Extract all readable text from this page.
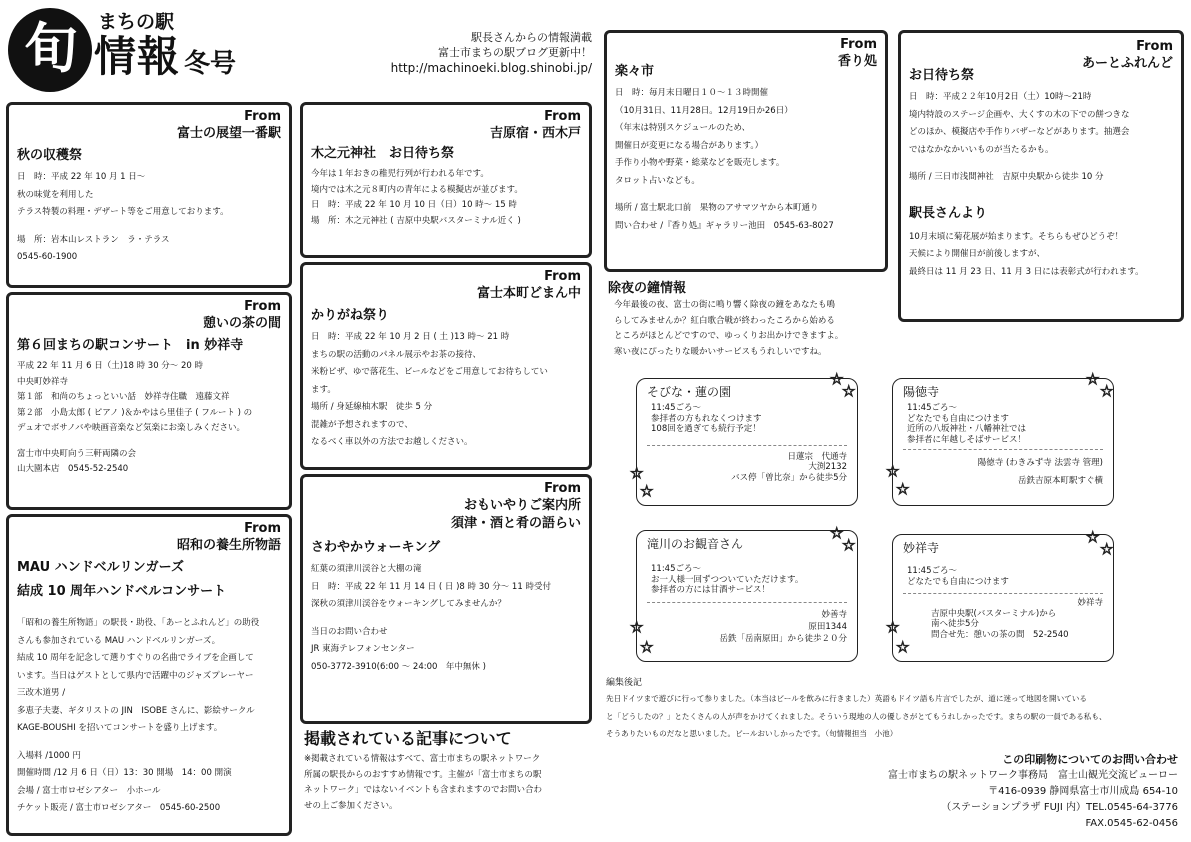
旬	まちの駅
情報 冬号
駅長さんからの情報満載
富士市まちの駅ブログ更新中！
http://machinoeki.blog.shinobi.jp/
From
富士の展望一番駅
秋の収穫祭
日　時：平成 22 年 10 月 1 日～
秋の味覚を利用した
テラス特製の料理・デザート等をご用意しております。
場　所：岩本山レストラン　ラ・テラス
0545-60-1900
From
憩いの茶の間
第６回まちの駅コンサート　in 妙祥寺
平成 22 年 11 月 6 日（土)18 時 30 分～ 20 時
中央町妙祥寺
第１部　和尚のちょっといい話　妙祥寺住職　遠藤文祥
第２部　小島太郎 ( ピアノ )＆かやはら里佳子 ( フルート ) の
デュオでボサノバや映画音楽など気楽にお楽しみください。
富士市中央町向う三軒両隣の会
山大園本店　0545-52-2540
From
昭和の養生所物語
MAU ハンドベルリンガーズ
結成 10 周年ハンドベルコンサート
「昭和の養生所物語」の駅長・助役、「あーとふれんど」の助役
さんも参加されている MAU ハンドベルリンガーズ。
結成 10 周年を記念して選りすぐりの名曲でライブを企画して
います。当日はゲストとして県内で活躍中のジャズプレーヤー
三改木道男 /
多恵子夫妻、ギタリストの JIN　ISOBE さんに、影絵サークル
KAGE-BOUSHI を招いてコンサートを盛り上げます。
入場料 /1000 円
開催時間 /12 月 6 日（日）13：30 開場　14：00 開演
会場 / 富士市ロゼシアター　小ホール
チケット販売 / 富士市ロゼシアター　0545-60-2500
From
吉原宿・西木戸
木之元神社　お日待ち祭
今年は１年おきの稚児行列が行われる年です。
境内では木之元８町内の青年による模擬店が並びます。
日　時：平成 22 年 10 月 10 日（日）10 時～ 15 時
場　所：木之元神社 ( 吉原中央駅バスターミナル近く )
From
富士本町どまん中
かりがね祭り
日　時：平成 22 年 10 月 2 日 ( 土 )13 時～ 21 時
まちの駅の活動のパネル展示やお茶の接待、
米粉ピザ、ゆで落花生、ビールなどをご用意してお待ちしてい
ます。
場所 / 身延線柚木駅　徒歩 5 分
混雑が予想されますので、
なるべく車以外の方法でお越しください。
From
おもいやりご案内所
須津・酒と肴の語らい
さわやかウォーキング
紅葉の須津川渓谷と大棚の滝
日　時：平成 22 年 11 月 14 日 ( 日 )8 時 30 分～ 11 時受付
深秋の須津川渓谷をウォーキングしてみませんか？
当日のお問い合わせ
JR 東海テレフォンセンター
050-3772-3910(6:00 ～ 24:00　年中無休 )
掲載されている記事について
※掲載されている情報はすべて、富士市まちの駅ネットワーク
所属の駅長からのおすすめ情報です。主催が「富士市まちの駅
ネットワーク」ではないイベントも含まれますのでお問い合わ
せの上ご参加ください。
From
香り処
楽々市
日　時：毎月末日曜日１０～１３時開催
（10月31日、11月28日。12月19日か26日）
（年末は特別スケジュールのため、
開催日が変更になる場合があります。）
手作り小物や野菜・総菜などを販売します。
タロット占いなども。
場所 / 富士駅北口前　果物のアサマツヤから本町通り
問い合わせ /『香り処』ギャラリー池田　0545-63-8027
From
あーとふれんど
お日待ち祭
日　時：平成２２年10月2日（土）10時～21時
境内特設のステージ企画や、大くすの木の下での餅つきな
どのほか、模擬店や手作りバザーなどがあります。抽選会
ではなかなかいいものが当たるかも。
場所 / 三日市浅間神社　吉原中央駅から徒歩 10 分
駅長さんより
10月末頃に菊花展が始まります。そちらもぜひどうぞ！
天候により開催日が前後しますが、
最終日は 11 月 23 日、11 月 3 日には表彰式が行われます。
除夜の鐘情報
今年最後の夜、富士の街に鳴り響く除夜の鐘をあなたも鳴
らしてみませんか？紅白歌合戦が終わったころから始める
ところがほとんどですので、ゆっくりお出かけできますよ。
寒い夜にぴったりな暖かいサービスもうれしいですね。
そびな・蓮の園
11:45ごろ～
参拝者の方もれなくつけます
108回を過ぎても続行予定！
日蓮宗　代通寺
大渕2132
バス停「曽比奈」から徒歩5分
陽徳寺
11:45ごろ～
どなたでも自由につけます
近所の八坂神社・八幡神社では
参拝者に年越しそばサービス！
陽徳寺 (わきみず寺 法雲寺 管理)
岳鉄吉原本町駅すぐ横
滝川のお観音さん
11:45ごろ～
お一人様一回ずつついていただけます。
参拝者の方には甘酒サービス！
妙善寺
原田1344
岳鉄「岳南原田」から徒歩２０分
妙祥寺
11:45ごろ～
どなたでも自由につけます
妙祥寺
吉原中央駅(バスターミナル)から
南へ徒歩5分
問合せ先：憩いの茶の間　52-2540
☆
☆
☆
☆
☆
☆
☆
☆
☆
☆
☆
☆
☆
☆
☆
☆
編集後記
先日ドイツまで遊びに行って参りました。（本当はビールを飲みに行きました）英語もドイツ語も片言でしたが、道に迷って地図を開いている
と「どうしたの？」とたくさんの人が声をかけてくれました。そういう現地の人の優しさがとてもうれしかったです。まちの駅の一員である私も、
そうありたいものだなと思いました。ビールおいしかったです。（旬情報担当　小池）
この印刷物についてのお問い合わせ
富士市まちの駅ネットワーク事務局　富士山観光交流ビューロー
〒416-0939 静岡県富士市川成島 654-10
（ステーションプラザ FUJI 内）TEL.0545-64-3776
FAX.0545-62-0456
